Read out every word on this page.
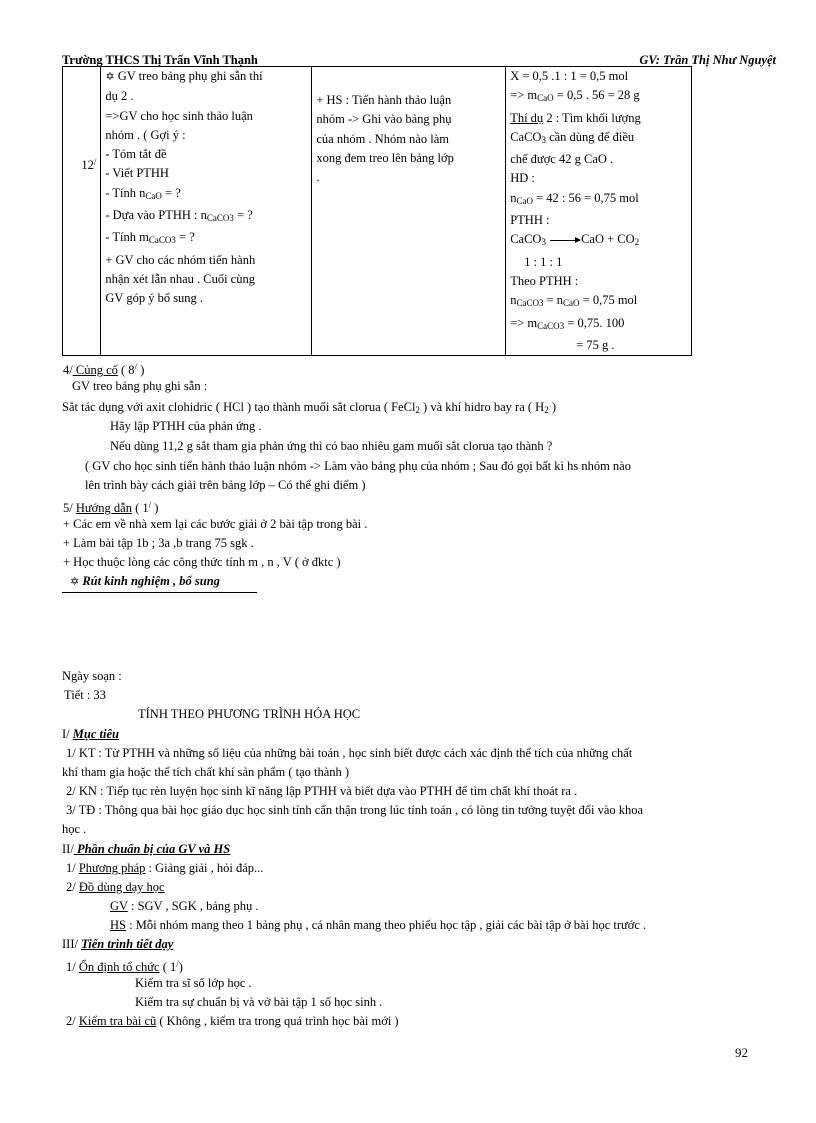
Trường THCS Thị Trấn Vĩnh Thạnh	GV: Trần Thị Như Nguyệt
12/	
✡ GV treo bảng phụ ghi sẵn thí
dụ 2 .
=>GV cho học sinh thảo luận
nhóm . ( Gợi ý :
- Tóm tắt đề
- Viết PTHH
- Tính $n_{CaO}$ = ?
- Dựa vào PTHH : $n_{CaCO3}$ = ?
- Tính $m_{CaCO3}$ = ?
+ GV cho các nhóm tiến hành
nhận xét lẫn nhau . Cuối cùng
GV góp ý bổ sung .

+ HS : Tiến hành thảo luận
nhóm -> Ghi vào bảng phụ
của nhóm . Nhóm nào làm
xong đem treo lên bảng lớp
.

X = 0,5 .1 : 1 = 0,5 mol
=> $m_{CaO} = 0,5$ . 56 = 28 g
Thí dụ 2 : Tìm khối lượng
CaCO$_3$ cần dùng để điều
chế được 42 g CaO .
HD :
$n_{CaO} = 42$ : 56 = 0,75 mol
PTHH :
CaCO$_3$ $\to CaO + CO_2$
1 : 1 : 1
Theo PTHH :
$n_{CaCO3} = n_{CaO} = 0,75$ mol
=> $m_{CaCO3} = 0,75$. 100
= 75 g .
4/ Củng cố ( 8/ )
GV treo bảng phụ ghi sẵn :
Sắt tác dụng với axit clohidric ( HCl ) tạo thành muối sắt clorua ( FeCl$_2$ ) và khí hidro bay ra ( $H_2$ )
Hãy lập PTHH của phản ứng .
Nếu dùng 11,2 g sắt tham gia phản ứng thì có bao nhiêu gam muối sắt clorua tạo thành ?
( GV cho học sinh tiến hành thảo luận nhóm -> Làm vào bảng phụ của nhóm ; Sau đó gọi bất kì hs nhóm nào
lên trình bày cách giải trên bảng lớp – Có thể ghi điểm )
5/ Hướng dẫn ( 1/ )
+ Các em về nhà xem lại các bước giải ở 2 bài tập trong bài .
+ Làm bài tập 1b ; 3a ,b trang 75 sgk .
+ Học thuộc lòng các công thức tính m , n , V ( ở đktc )
✡ Rút kinh nghiệm , bổ sung
Ngày soạn :
Tiết : 33
TÍNH THEO PHƯƠNG TRÌNH HÓA HỌC
I/ Mục tiêu
1/ KT : Từ PTHH và những số liệu của những bài toán , học sinh biết được cách xác định thể tích của những chất
khí tham gia hoặc thể tích chất khí sản phẩm ( tạo thành )
2/ KN : Tiếp tục rèn luyện học sinh kĩ năng lập PTHH và biết dựa vào PTHH để tìm chất khí thoát ra .
3/ TĐ : Thông qua bài học giáo dục học sinh tính cẩn thận trong lúc tính toán , có lòng tin tưởng tuyệt đối vào khoa
học .
II/ Phần chuẩn bị của GV và HS
1/ Phương pháp : Giảng giải , hỏi đáp...
2/ Đồ dùng dạy học
GV : SGV , SGK , bảng phụ .
HS : Mỗi nhóm mang theo 1 bảng phụ , cá nhân mang theo phiếu học tập , giải các bài tập ở bài học trước .
III/ Tiến trình tiết dạy
1/ Ổn định tổ chức ( 1/)
Kiểm tra sĩ số lớp học .
Kiểm tra sự chuẩn bị và vở bài tập 1 số học sinh .
2/ Kiểm tra bài cũ ( Không , kiểm tra trong quá trình học bài mới )
92
